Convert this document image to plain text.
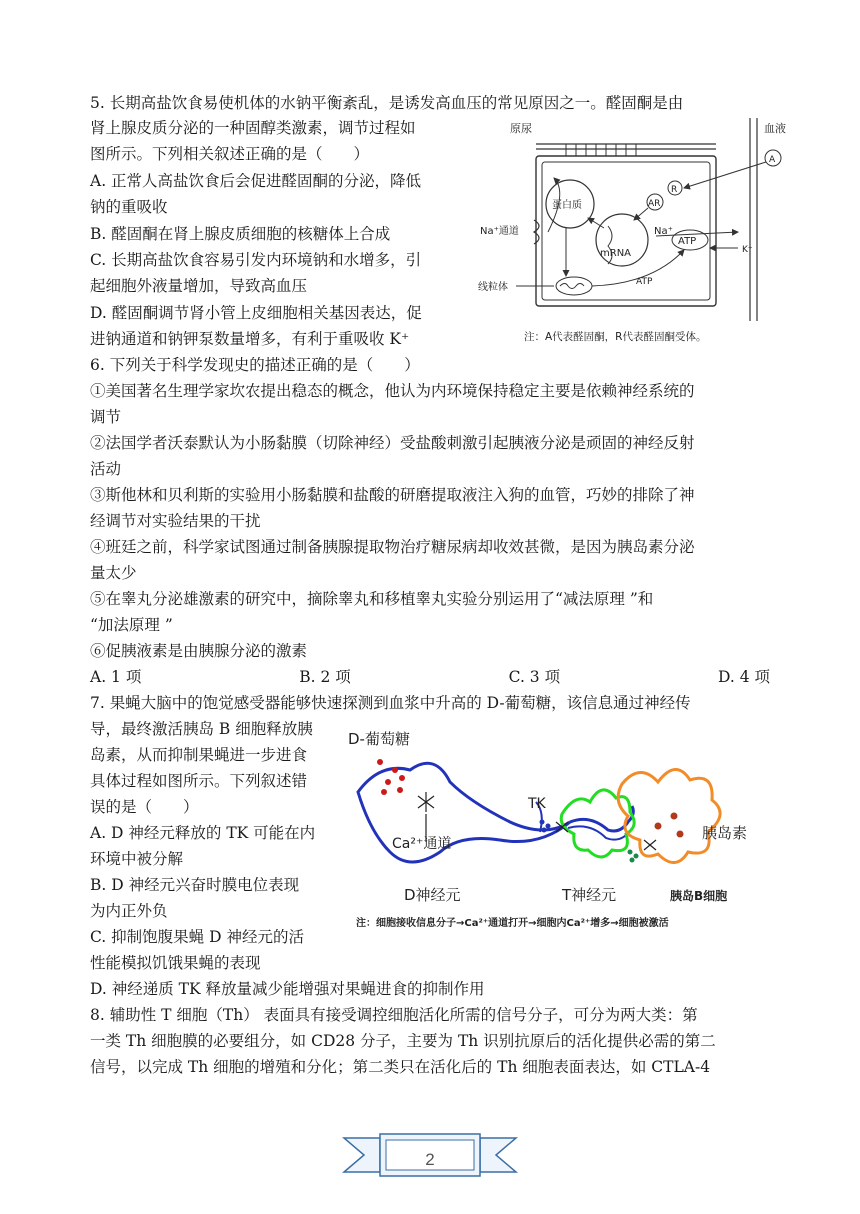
5. 长期高盐饮食易使机体的水钠平衡紊乱，是诱发高血压的常见原因之一。醛固酮是由
肾上腺皮质分泌的一种固醇类激素，调节过程如
图所示。下列相关叙述正确的是（　　）
A. 正常人高盐饮食后会促进醛固酮的分泌，降低
钠的重吸收
B. 醛固酮在肾上腺皮质细胞的核糖体上合成
C. 长期高盐饮食容易引发内环境钠和水增多，引
起细胞外液量增加，导致高血压
D. 醛固酮调节肾小管上皮细胞相关基因表达，促
进钠通道和钠钾泵数量增多，有利于重吸收 K⁺
原尿	血液
蛋白质
mRNA
AR
R
A
Na⁺通道
ATP
Na⁺
K⁺
线粒体	ATP
注：A代表醛固酮，R代表醛固酮受体。
6. 下列关于科学发现史的描述正确的是（　　）
①美国著名生理学家坎农提出稳态的概念，他认为内环境保持稳定主要是依赖神经系统的
调节
②法国学者沃泰默认为小肠黏膜（切除神经）受盐酸刺激引起胰液分泌是顽固的神经反射
活动
③斯他林和贝利斯的实验用小肠黏膜和盐酸的研磨提取液注入狗的血管，巧妙的排除了神
经调节对实验结果的干扰
④班廷之前，科学家试图通过制备胰腺提取物治疗糖尿病却收效甚微，是因为胰岛素分泌
量太少
⑤在睾丸分泌雄激素的研究中，摘除睾丸和移植睾丸实验分别运用了“减法原理 ”和
“加法原理 ”
⑥促胰液素是由胰腺分泌的激素
A. 1 项	B. 2 项	C. 3 项	D. 4 项
7. 果蝇大脑中的饱觉感受器能够快速探测到血浆中升高的 D-葡萄糖，该信息通过神经传
导，最终激活胰岛 B 细胞释放胰
岛素，从而抑制果蝇进一步进食
具体过程如图所示。下列叙述错
误的是（　　）
A. D 神经元释放的 TK 可能在内
环境中被分解
B. D 神经元兴奋时膜电位表现
为内正外负
C. 抑制饱腹果蝇 D 神经元的活
性能模拟饥饿果蝇的表现
D. 神经递质 TK 释放量减少能增强对果蝇进食的抑制作用
D-葡萄糖
Ca²⁺通道
TK
胰岛素
D神经元	T神经元	胰岛B细胞
注：细胞接收信息分子→Ca²⁺通道打开→细胞内Ca²⁺增多→细胞被激活
8. 辅助性 T 细胞（Th） 表面具有接受调控细胞活化所需的信号分子，可分为两大类：第
一类 Th 细胞膜的必要组分，如 CD28 分子，主要为 Th 识别抗原后的活化提供必需的第二
信号，以完成 Th 细胞的增殖和分化；第二类只在活化后的 Th 细胞表面表达，如 CTLA-4
2
